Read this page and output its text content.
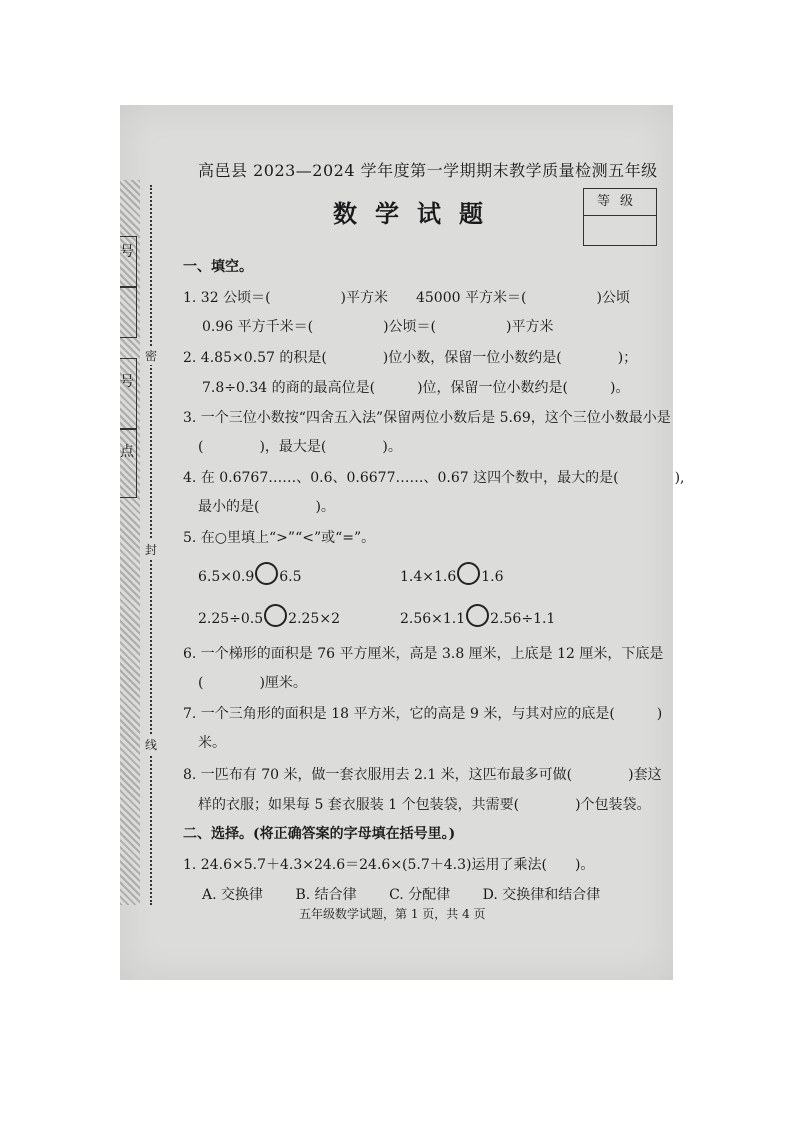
号
号
点
密
封
线
高邑县 2023—2024 学年度第一学期期末教学质量检测五年级
数学试题	等级
一、填空。
1. 32 公顷＝(　　　　　)平方米　　45000 平方米＝(　　　　　)公顷
0.96 平方千米＝(　　　　　)公顷＝(　　　　　)平方米
2. 4.85×0.57 的积是(　　　　)位小数，保留一位小数约是(　　　　)；
7.8÷0.34 的商的最高位是(　　　)位，保留一位小数约是(　　　)。
3. 一个三位小数按“四舍五入法”保留两位小数后是 5.69，这个三位小数最小是
(　　　　)，最大是(　　　　)。
4. 在 0.6767……、0.6、0.6677……、0.67 这四个数中，最大的是(　　　　),
最小的是(　　　　)。
5. 在○里填上“>”“<”或“=”。
6.5×0.9 6.5	1.4×1.6 1.6
2.25÷0.5 2.25×2	2.56×1.1 2.56÷1.1
6. 一个梯形的面积是 76 平方厘米，高是 3.8 厘米，上底是 12 厘米，下底是
(　　　　)厘米。
7. 一个三角形的面积是 18 平方米，它的高是 9 米，与其对应的底是(　　　)
米。
8. 一匹布有 70 米，做一套衣服用去 2.1 米，这匹布最多可做(　　　　)套这
样的衣服；如果每 5 套衣服装 1 个包装袋，共需要(　　　　)个包装袋。
二、选择。(将正确答案的字母填在括号里。)
1. 24.6×5.7＋4.3×24.6＝24.6×(5.7＋4.3)运用了乘法(　　)。
A. 交换律　　 B. 结合律　　 C. 分配律　　 D. 交换律和结合律
五年级数学试题，第 1 页，共 4 页
